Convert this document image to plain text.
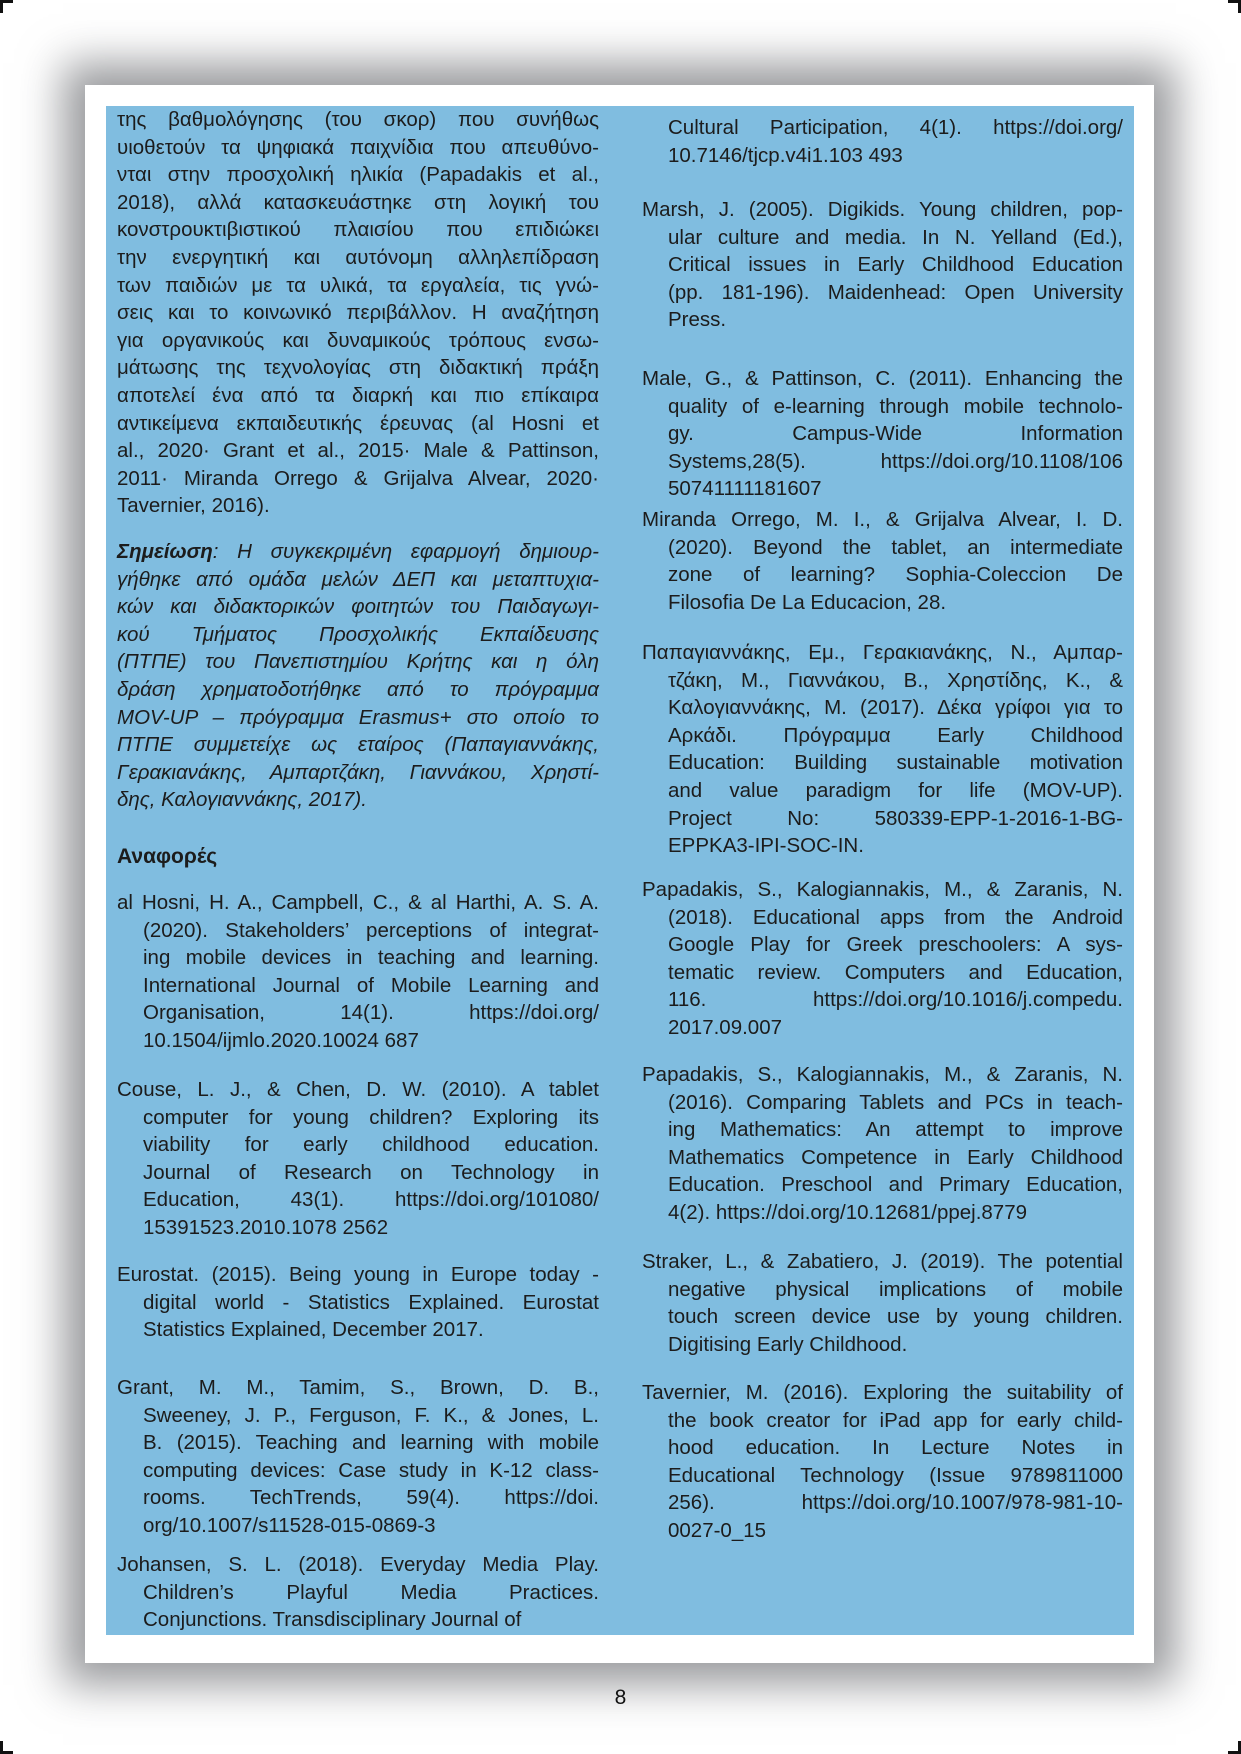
της βαθμολόγησης (του σκορ) που συνήθως
υιοθετούν τα ψηφιακά παιχνίδια που απευθύνο-
νται στην προσχολική ηλικία (Papadakis et al.,
2018), αλλά κατασκευάστηκε στη λογική του
κονστρουκτιβιστικού πλαισίου που επιδιώκει
την ενεργητική και αυτόνομη αλληλεπίδραση
των παιδιών με τα υλικά, τα εργαλεία, τις γνώ-
σεις και το κοινωνικό περιβάλλον. Η αναζήτηση
για οργανικούς και δυναμικούς τρόπους ενσω-
μάτωσης της τεχνολογίας στη διδακτική πράξη
αποτελεί ένα από τα διαρκή και πιο επίκαιρα
αντικείμενα εκπαιδευτικής έρευνας (al Hosni et
al., 2020· Grant et al., 2015· Male & Pattinson,
2011· Miranda Orrego & Grijalva Alvear, 2020·
Tavernier, 2016).
Σημείωση: Η συγκεκριμένη εφαρμογή δημιουρ-
γήθηκε από ομάδα μελών ΔΕΠ και μεταπτυχια-
κών και διδακτορικών φοιτητών του Παιδαγωγι-
κού Τμήματος Προσχολικής Εκπαίδευσης
(ΠΤΠΕ) του Πανεπιστημίου Κρήτης και η όλη
δράση χρηματοδοτήθηκε από το πρόγραμμα
MOV-UP – πρόγραμμα Erasmus+ στο οποίο το
ΠΤΠΕ συμμετείχε ως εταίρος (Παπαγιαννάκης,
Γερακιανάκης, Αμπαρτζάκη, Γιαννάκου, Χρηστί-
δης, Καλογιαννάκης, 2017).
Αναφορές
Cultural Participation, 4(1). https://doi.org/
10.7146/tjcp.v4i1.103 493
al Hosni, H. A., Campbell, C., & al Harthi, A. S. A.
(2020). Stakeholders’ perceptions of integrat-
ing mobile devices in teaching and learning.
International Journal of Mobile Learning and
Organisation, 14(1). https://doi.org/
10.1504/ijmlo.2020.10024 687
Couse, L. J., & Chen, D. W. (2010). A tablet
computer for young children? Exploring its
viability for early childhood education.
Journal of Research on Technology in
Education, 43(1). https://doi.org/101080/
15391523.2010.1078 2562
Eurostat. (2015). Being young in Europe today -
digital world - Statistics Explained. Eurostat
Statistics Explained, December 2017.
Grant, M. M., Tamim, S., Brown, D. B.,
Sweeney, J. P., Ferguson, F. K., & Jones, L.
B. (2015). Teaching and learning with mobile
computing devices: Case study in K-12 class-
rooms. TechTrends, 59(4). https://doi.
org/10.1007/s11528-015-0869-3
Johansen, S. L. (2018). Everyday Media Play.
Children’s Playful Media Practices.
Conjunctions. Transdisciplinary Journal of
Marsh, J. (2005). Digikids. Young children, pop-
ular culture and media. In N. Yelland (Ed.),
Critical issues in Early Childhood Education
(pp. 181-196). Maidenhead: Open University
Press.
Male, G., & Pattinson, C. (2011). Enhancing the
quality of e-learning through mobile technolo-
gy. Campus-Wide Information
Systems,28(5). https://doi.org/10.1108/106
50741111181607
Miranda Orrego, M. I., & Grijalva Alvear, I. D.
(2020). Beyond the tablet, an intermediate
zone of learning? Sophia-Coleccion De
Filosofia De La Educacion, 28.
Παπαγιαννάκης, Εμ., Γερακιανάκης, Ν., Αμπαρ-
τζάκη, Μ., Γιαννάκου, Β., Χρηστίδης, Κ., &
Καλογιαννάκης, Μ. (2017). Δέκα γρίφοι για το
Αρκάδι. Πρόγραμμα Early Childhood
Education: Building sustainable motivation
and value paradigm for life (MOV-UP).
Project No: 580339-EPP-1-2016-1-BG-
EPPKA3-IPI-SOC-IN.
Papadakis, S., Kalogiannakis, M., & Zaranis, N.
(2018). Educational apps from the Android
Google Play for Greek preschoolers: A sys-
tematic review. Computers and Education,
116. https://doi.org/10.1016/j.compedu.
2017.09.007
Papadakis, S., Kalogiannakis, M., & Zaranis, N.
(2016). Comparing Tablets and PCs in teach-
ing Mathematics: An attempt to improve
Mathematics Competence in Early Childhood
Education. Preschool and Primary Education,
4(2). https://doi.org/10.12681/ppej.8779
Straker, L., & Zabatiero, J. (2019). The potential
negative physical implications of mobile
touch screen device use by young children.
Digitising Early Childhood.
Tavernier, M. (2016). Exploring the suitability of
the book creator for iPad app for early child-
hood education. In Lecture Notes in
Educational Technology (Issue 9789811000
256). https://doi.org/10.1007/978-981-10-
0027-0_15
8
